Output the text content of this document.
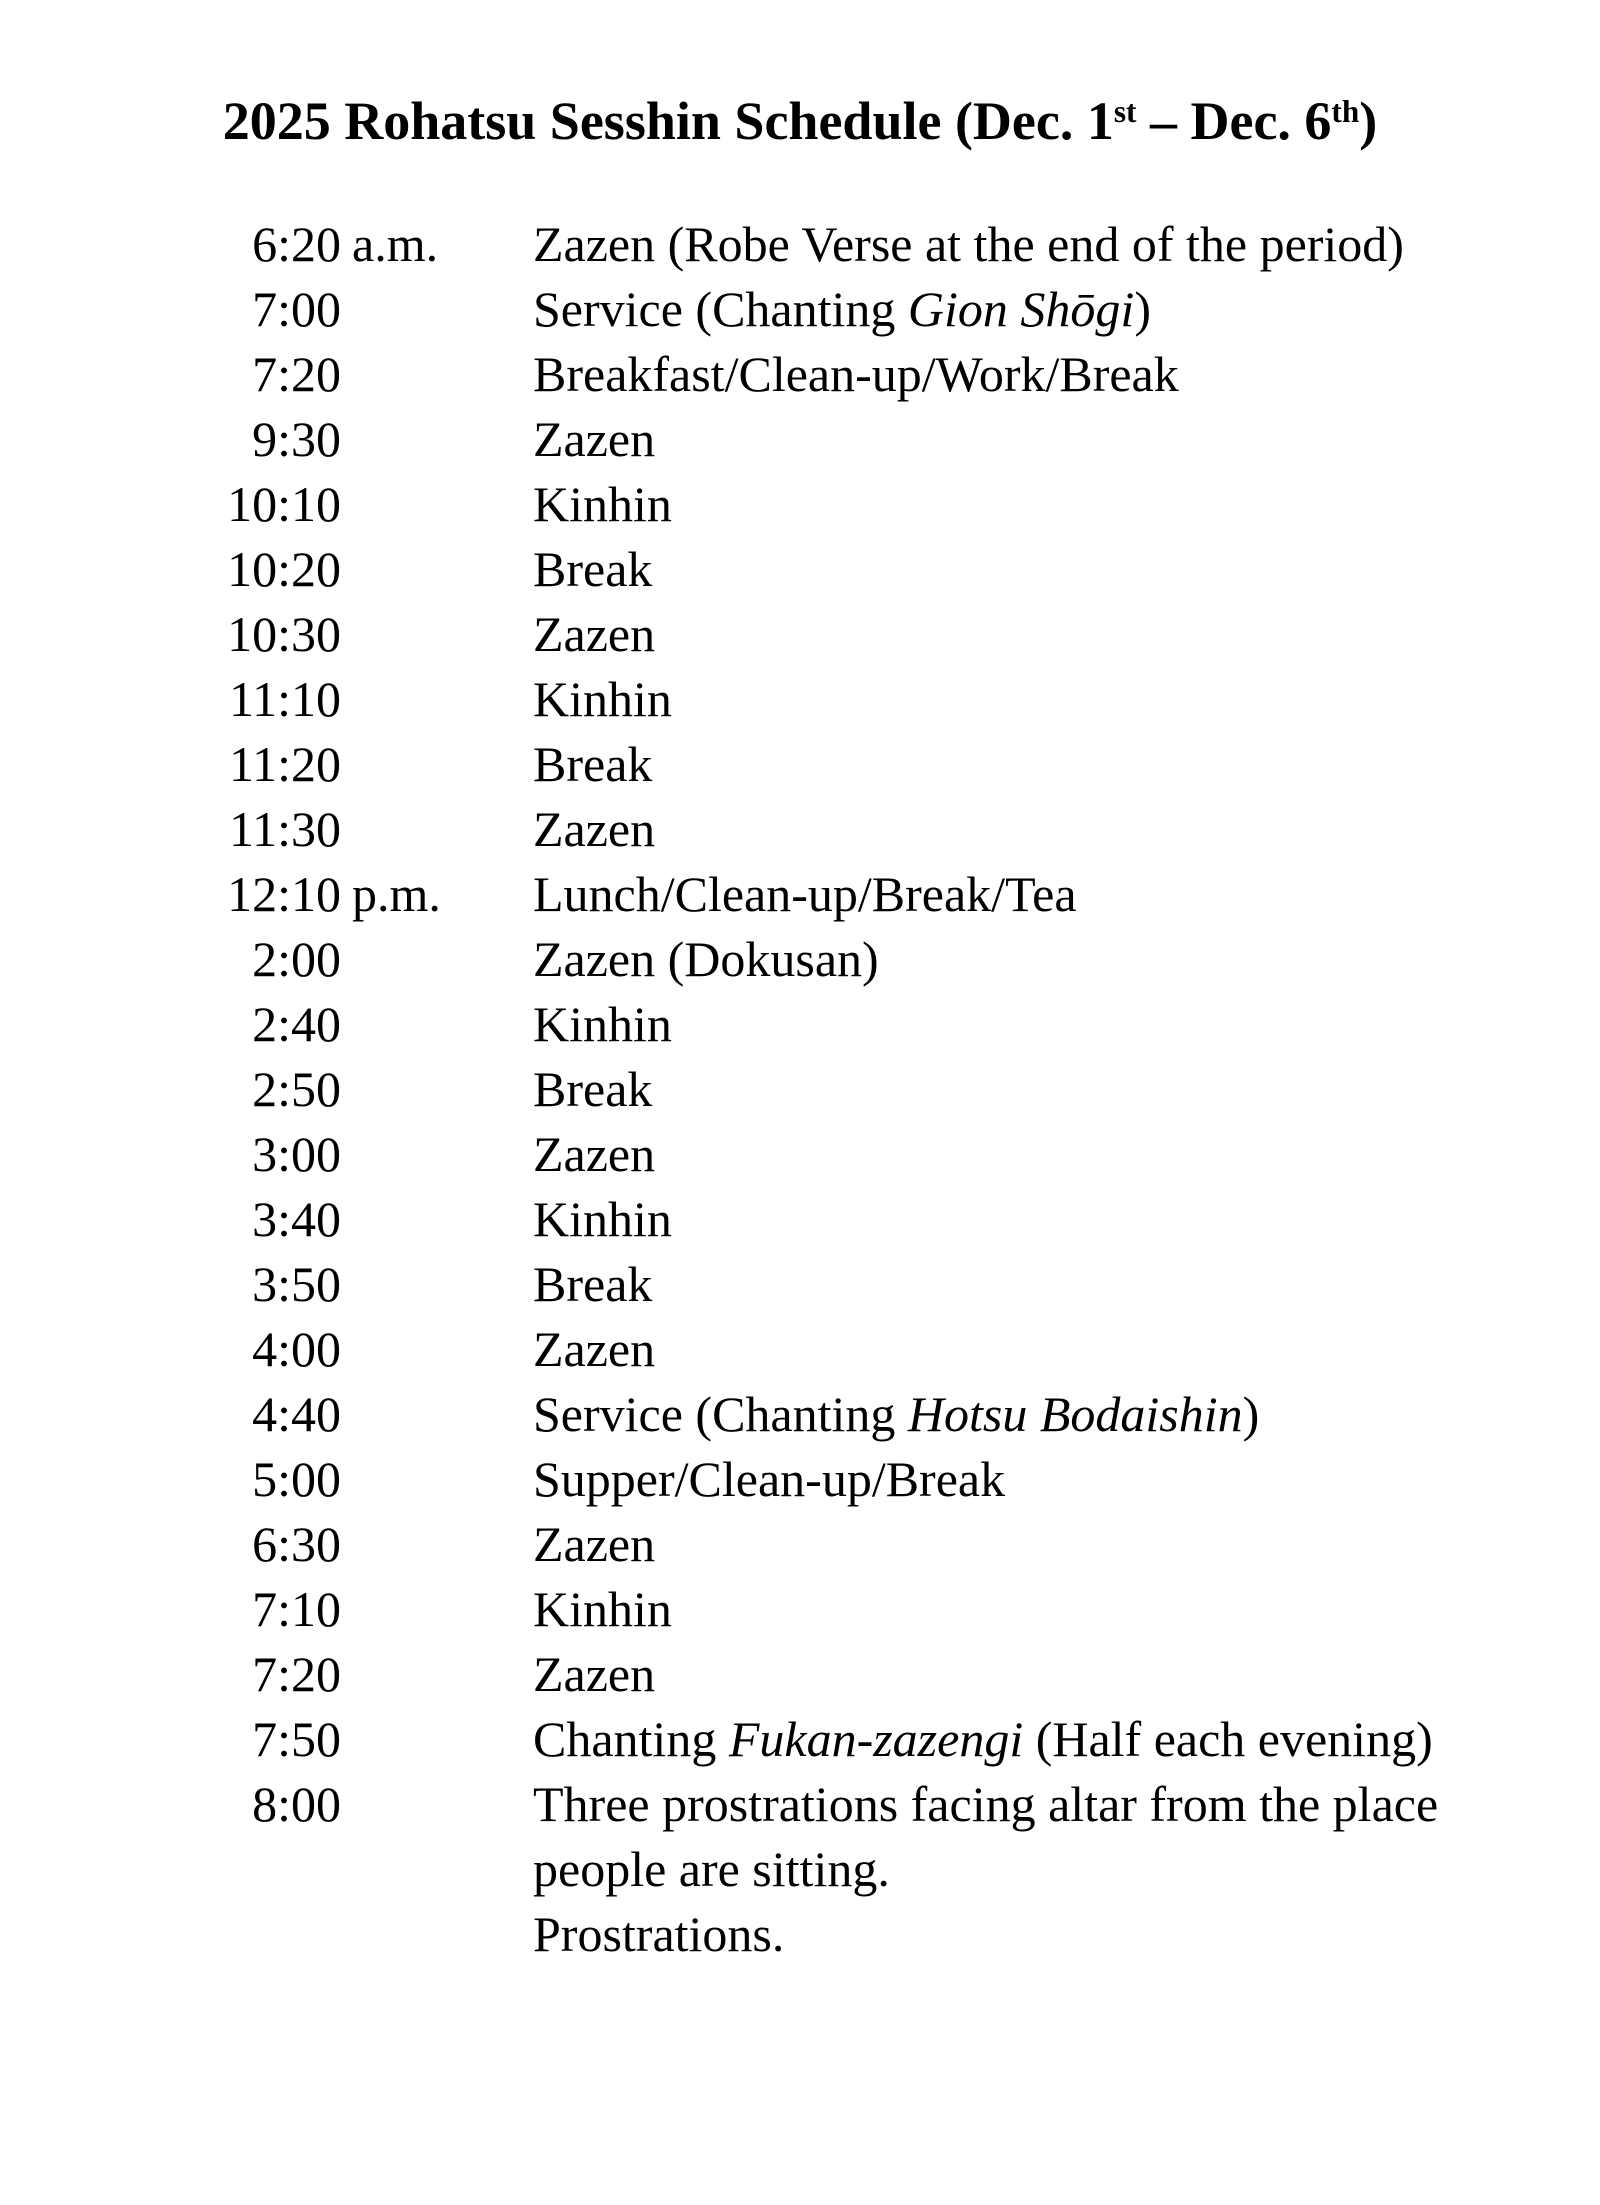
2025 Rohatsu Sesshin Schedule (Dec. 1st – Dec. 6th)
6:20 a.m.	Zazen (Robe Verse at the end of the period)
7:00	Service (Chanting Gion Shōgi)
7:20	Breakfast/Clean-up/Work/Break
9:30	Zazen
10:10	Kinhin
10:20	Break
10:30	Zazen
11:10	Kinhin
11:20	Break
11:30	Zazen
12:10 p.m.	Lunch/Clean-up/Break/Tea
2:00	Zazen (Dokusan)
2:40	Kinhin
2:50	Break
3:00	Zazen
3:40	Kinhin
3:50	Break
4:00	Zazen
4:40	Service (Chanting Hotsu Bodaishin)
5:00	Supper/Clean-up/Break
6:30	Zazen
7:10	Kinhin
7:20	Zazen
7:50	Chanting Fukan-zazengi (Half each evening)
8:00	Three prostrations facing altar from the place
people are sitting.
Prostrations.
